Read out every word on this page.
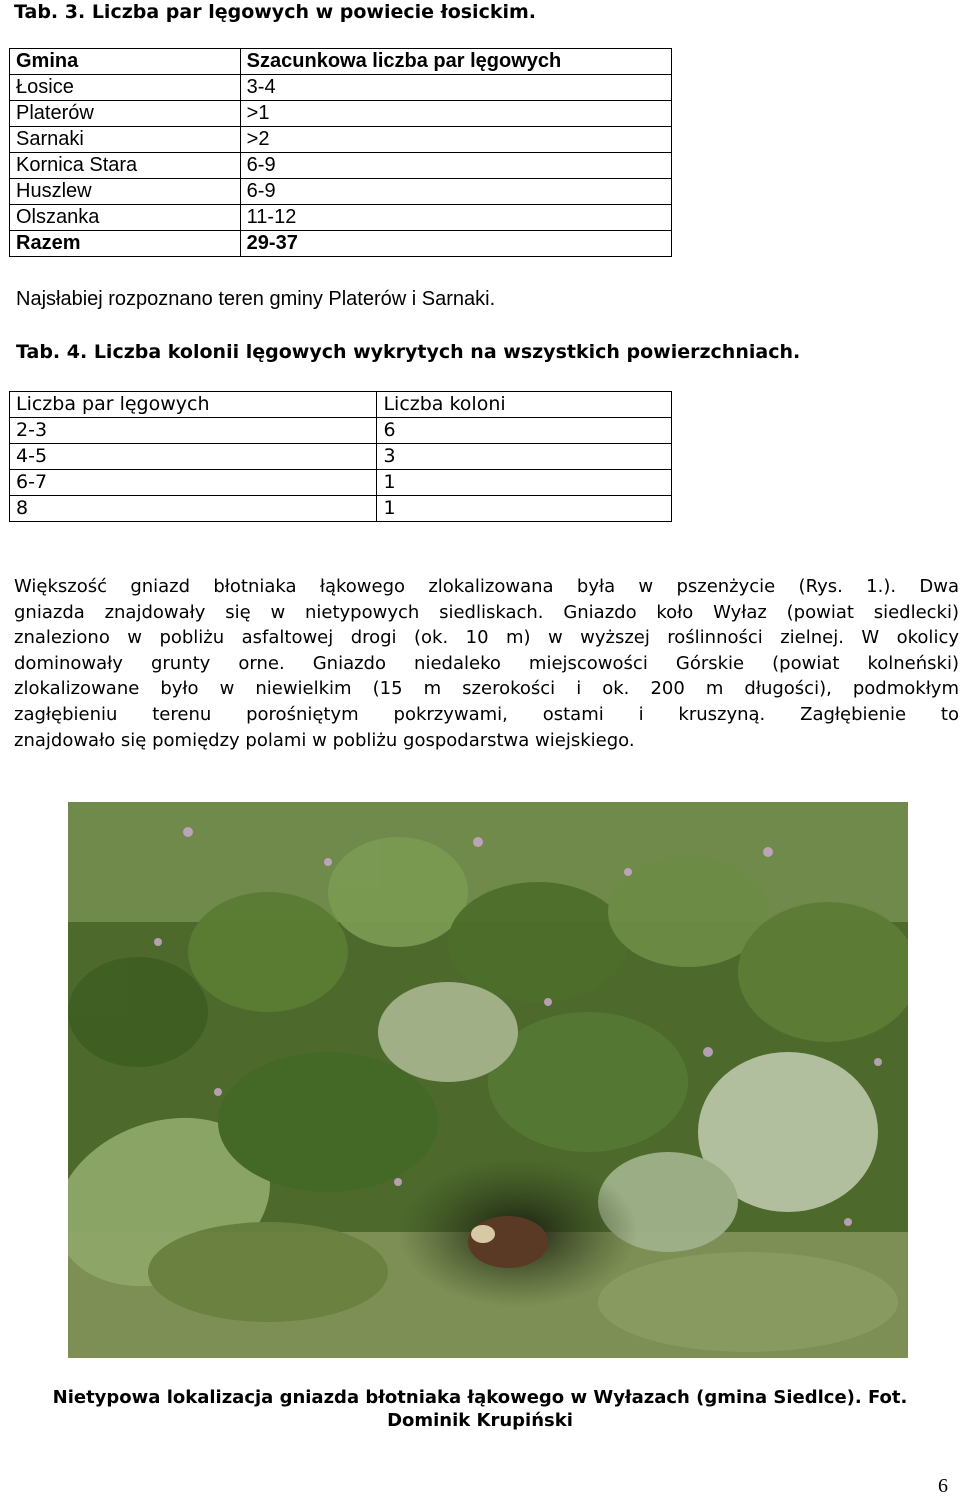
Tab. 3. Liczba par lęgowych w powiecie łosickim.
Gmina	Szacunkowa liczba par lęgowych
Łosice	3-4
Platerów	>1
Sarnaki	>2
Kornica Stara	6-9
Huszlew	6-9
Olszanka	11-12
Razem	29-37
Najsłabiej rozpoznano teren gminy Platerów i Sarnaki.
Tab. 4. Liczba kolonii lęgowych wykrytych na wszystkich powierzchniach.
Liczba par lęgowych	Liczba koloni
2-3	6
4-5	3
6-7	1
8	1
Większość gniazd błotniaka łąkowego zlokalizowana była w pszenżycie (Rys. 1.). Dwa
gniazda znajdowały się w nietypowych siedliskach. Gniazdo koło Wyłaz (powiat siedlecki)
znaleziono w pobliżu asfaltowej drogi (ok. 10 m) w wyższej roślinności zielnej. W okolicy
dominowały grunty orne. Gniazdo niedaleko miejscowości Górskie (powiat kolneński)
zlokalizowane było w niewielkim (15 m szerokości i ok. 200 m długości), podmokłym
zagłębieniu terenu porośniętym pokrzywami, ostami i kruszyną. Zagłębienie to
znajdowało się pomiędzy polami w pobliżu gospodarstwa wiejskiego.
Nietypowa lokalizacja gniazda błotniaka łąkowego w Wyłazach (gmina Siedlce). Fot.
Dominik Krupiński
6
